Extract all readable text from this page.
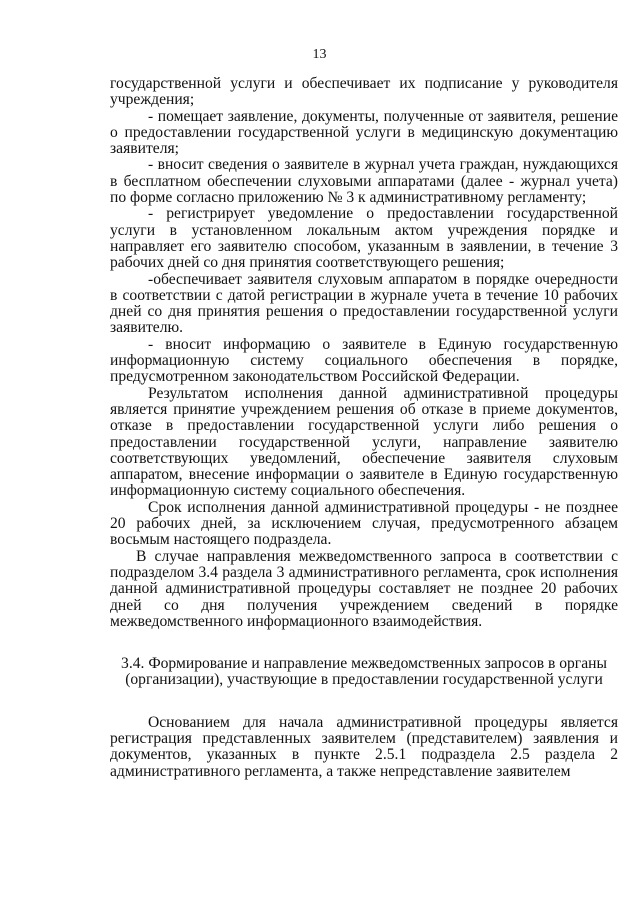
13

государственной услуги и обеспечивает их подписание у руководителя учреждения;

- помещает заявление, документы, полученные от заявителя, решение о предоставлении государственной услуги в медицинскую документацию заявителя;

- вносит сведения о заявителе в журнал учета граждан, нуждающихся в бесплатном обеспечении слуховыми аппаратами (далее - журнал учета) по форме согласно приложению № 3 к административному регламенту;

- регистрирует уведомление о предоставлении государственной услуги в установленном локальным актом учреждения порядке и направляет его заявителю способом, указанным в заявлении, в течение 3 рабочих дней со дня принятия соответствующего решения;

-обеспечивает заявителя слуховым аппаратом в порядке очередности в соответствии с датой регистрации в журнале учета в течение 10 рабочих дней со дня принятия решения о предоставлении государственной услуги заявителю.

- вносит информацию о заявителе в Единую государственную информационную систему социального обеспечения в порядке, предусмотренном законодательством Российской Федерации.

Результатом исполнения данной административной процедуры является принятие учреждением решения об отказе в приеме документов, отказе в предоставлении государственной услуги либо решения о предоставлении государственной услуги, направление заявителю соответствующих уведомлений, обеспечение заявителя слуховым аппаратом, внесение информации о заявителе в Единую государственную информационную систему социального обеспечения.

Срок исполнения данной административной процедуры - не позднее 20 рабочих дней, за исключением случая, предусмотренного абзацем восьмым настоящего подраздела.

В случае направления межведомственного запроса в соответствии с подразделом 3.4 раздела 3 административного регламента, срок исполнения данной административной процедуры составляет не позднее 20 рабочих дней со дня получения учреждением сведений в порядке межведомственного информационного взаимодействия.

3.4. Формирование и направление межведомственных запросов в органы (организации), участвующие в предоставлении государственной услуги

Основанием для начала административной процедуры является регистрация представленных заявителем (представителем) заявления и документов, указанных в пункте 2.5.1 подраздела 2.5 раздела 2 административного регламента, а также непредставление заявителем
